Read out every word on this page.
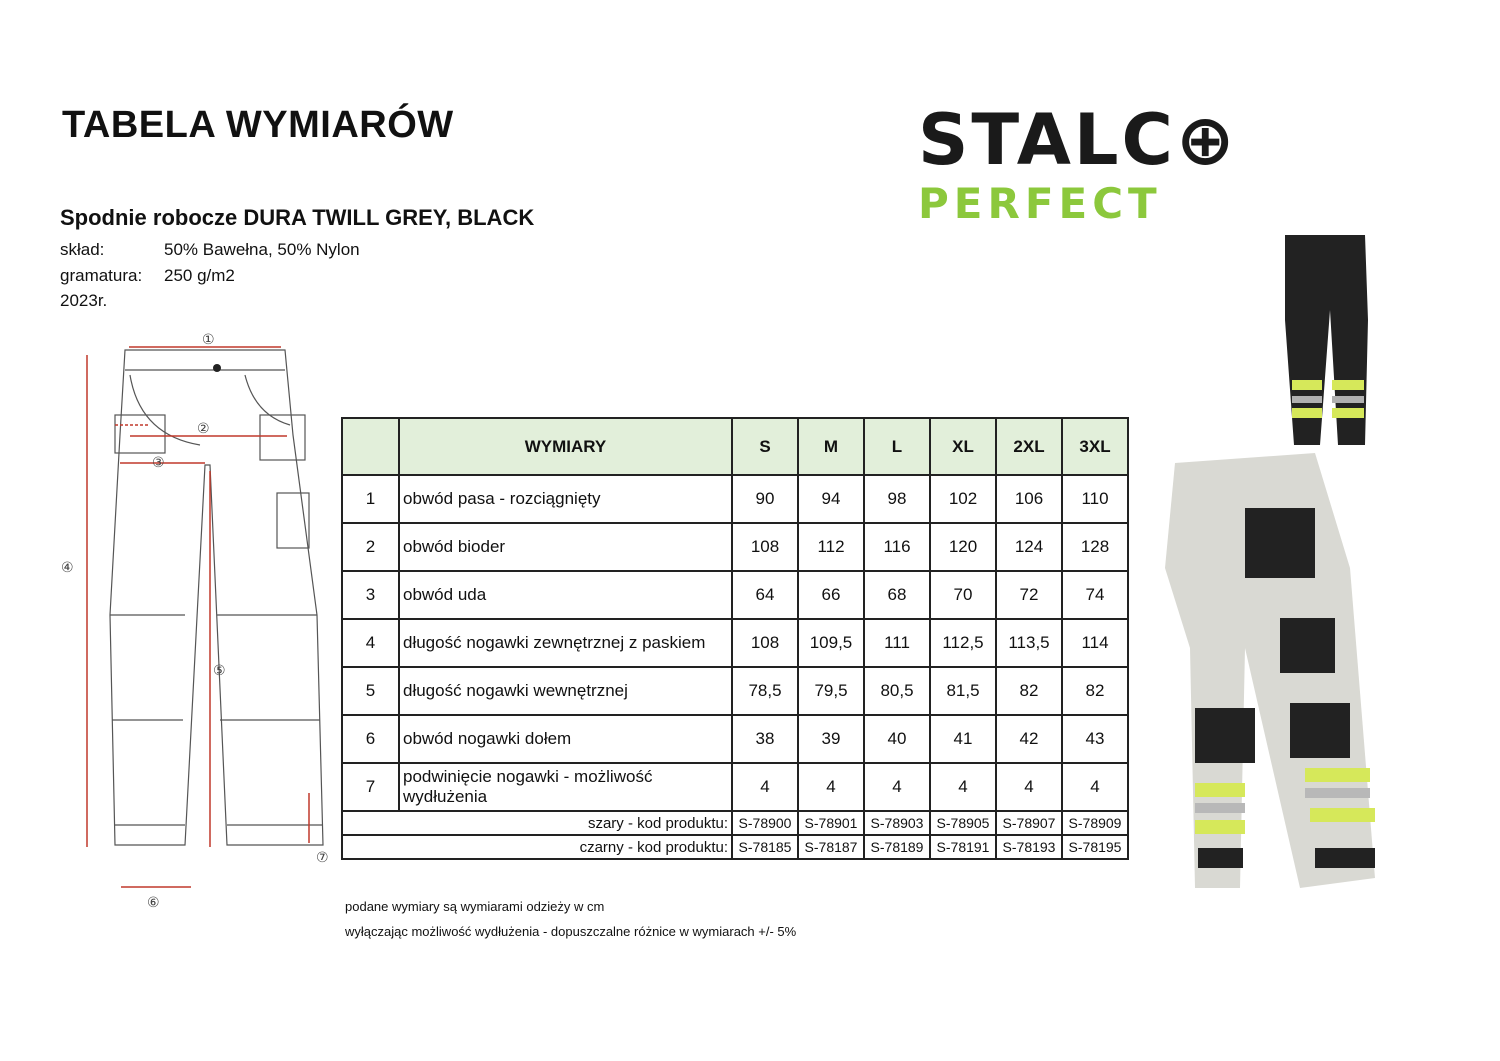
TABELA WYMIARÓW
Spodnie robocze DURA TWILL GREY, BLACK
skład:	50% Bawełna, 50% Nylon
gramatura: 250 g/m2
2023r.
STALC⊕
PERFECT
①
②
③
④
⑤
⑥
⑦
	WYMIARY	S	M	L	XL	2XL	3XL
1	obwód pasa - rozciągnięty	90	94	98	102	106	110
2	obwód bioder	108	112	116	120	124	128
3	obwód uda	64	66	68	70	72	74
4	długość nogawki zewnętrznej z paskiem	108	109,5	111	112,5	113,5	114
5	długość nogawki wewnętrznej	78,5	79,5	80,5	81,5	82	82
6	obwód nogawki dołem	38	39	40	41	42	43
7	podwinięcie nogawki - możliwość wydłużenia	4	4	4	4	4	4
szary - kod produktu:		S-78900	S-78901	S-78903	S-78905	S-78907	S-78909
czarny - kod produktu:		S-78185	S-78187	S-78189	S-78191	S-78193	S-78195
podane wymiary są wymiarami odzieży w cm
wyłączając możliwość wydłużenia - dopuszczalne różnice w wymiarach +/- 5%
